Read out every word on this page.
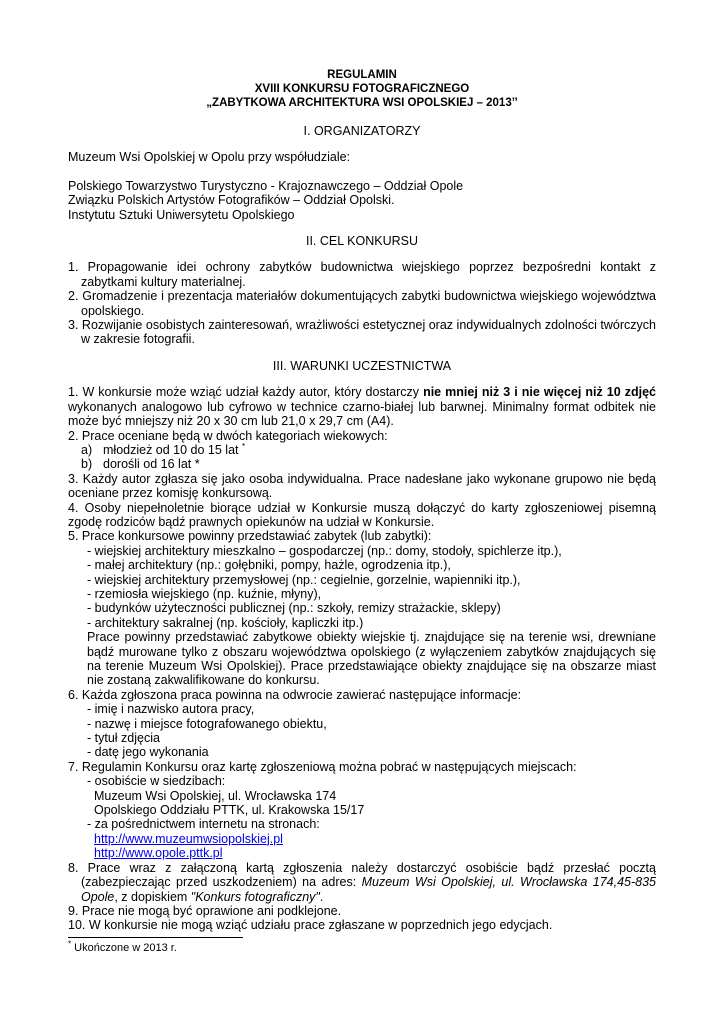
REGULAMIN
XVIII KONKURSU FOTOGRAFICZNEGO
„ZABYTKOWA ARCHITEKTURA WSI OPOLSKIEJ – 2013’’
I. ORGANIZATORZY

Muzeum Wsi Opolskiej w Opolu przy współudziale:

Polskiego Towarzystwo Turystyczno - Krajoznawczego – Oddział Opole

Związku Polskich Artystów Fotografików – Oddział Opolski.

Instytutu Sztuki Uniwersytetu Opolskiego

II. CEL KONKURSU

1. Propagowanie idei ochrony zabytków budownictwa wiejskiego poprzez bezpośredni kontakt z zabytkami kultury materialnej.

2. Gromadzenie i prezentacja materiałów dokumentujących zabytki budownictwa wiejskiego województwa opolskiego.

3. Rozwijanie osobistych zainteresowań, wrażliwości estetycznej oraz indywidualnych zdolności twórczych w zakresie fotografii.

III. WARUNKI UCZESTNICTWA

1. W konkursie może wziąć udział każdy autor, który dostarczy nie mniej niż 3 i nie więcej niż 10 zdjęć wykonanych analogowo lub cyfrowo w technice czarno-białej lub barwnej. Minimalny format odbitek nie może być mniejszy niż 20 x 30 cm lub 21,0 x 29,7 cm (A4).

2. Prace oceniane będą w dwóch kategoriach wiekowych:

a) młodzież od 10 do 15 lat *

b) dorośli od 16 lat *

3. Każdy autor zgłasza się jako osoba indywidualna. Prace nadesłane jako wykonane grupowo nie będą oceniane przez komisję konkursową.

4. Osoby niepełnoletnie biorące udział w Konkursie muszą dołączyć do karty zgłoszeniowej pisemną zgodę rodziców bądź prawnych opiekunów na udział w Konkursie.

5. Prace konkursowe powinny przedstawiać zabytek (lub zabytki):

- wiejskiej architektury mieszkalno – gospodarczej (np.: domy, stodoły, spichlerze itp.),

- małej architektury (np.: gołębniki, pompy, hażle, ogrodzenia itp.),

- wiejskiej architektury przemysłowej (np.: cegielnie, gorzelnie, wapienniki itp.),

- rzemiosła wiejskiego (np. kuźnie, młyny),

- budynków użyteczności publicznej (np.: szkoły, remizy strażackie, sklepy)

- architektury sakralnej (np. kościoły, kapliczki itp.)

Prace powinny przedstawiać zabytkowe obiekty wiejskie tj. znajdujące się na terenie wsi, drewniane bądź murowane tylko z obszaru województwa opolskiego (z wyłączeniem zabytków znajdujących się na terenie Muzeum Wsi Opolskiej). Prace przedstawiające obiekty znajdujące się na obszarze miast nie zostaną zakwalifikowane do konkursu.

6. Każda zgłoszona praca powinna na odwrocie zawierać następujące informacje:

- imię i nazwisko autora pracy,

- nazwę i miejsce fotografowanego obiektu,

- tytuł zdjęcia

- datę jego wykonania

7. Regulamin Konkursu oraz kartę zgłoszeniową można pobrać w następujących miejscach:

- osobiście w siedzibach:

Muzeum Wsi Opolskiej, ul. Wrocławska 174

Opolskiego Oddziału PTTK, ul. Krakowska 15/17

- za pośrednictwem internetu na stronach:

http://www.muzeumwsiopolskiej.pl

http://www.opole.pttk.pl

8. Prace wraz z załączoną kartą zgłoszenia należy dostarczyć osobiście bądź przesłać pocztą (zabezpieczając przed uszkodzeniem) na adres: Muzeum Wsi Opolskiej, ul. Wrocławska 174,45-835 Opole, z dopiskiem "Konkurs fotograficzny".

9. Prace nie mogą być oprawione ani podklejone.

10. W konkursie nie mogą wziąć udziału prace zgłaszane w poprzednich jego edycjach.

* Ukończone w 2013 r.
